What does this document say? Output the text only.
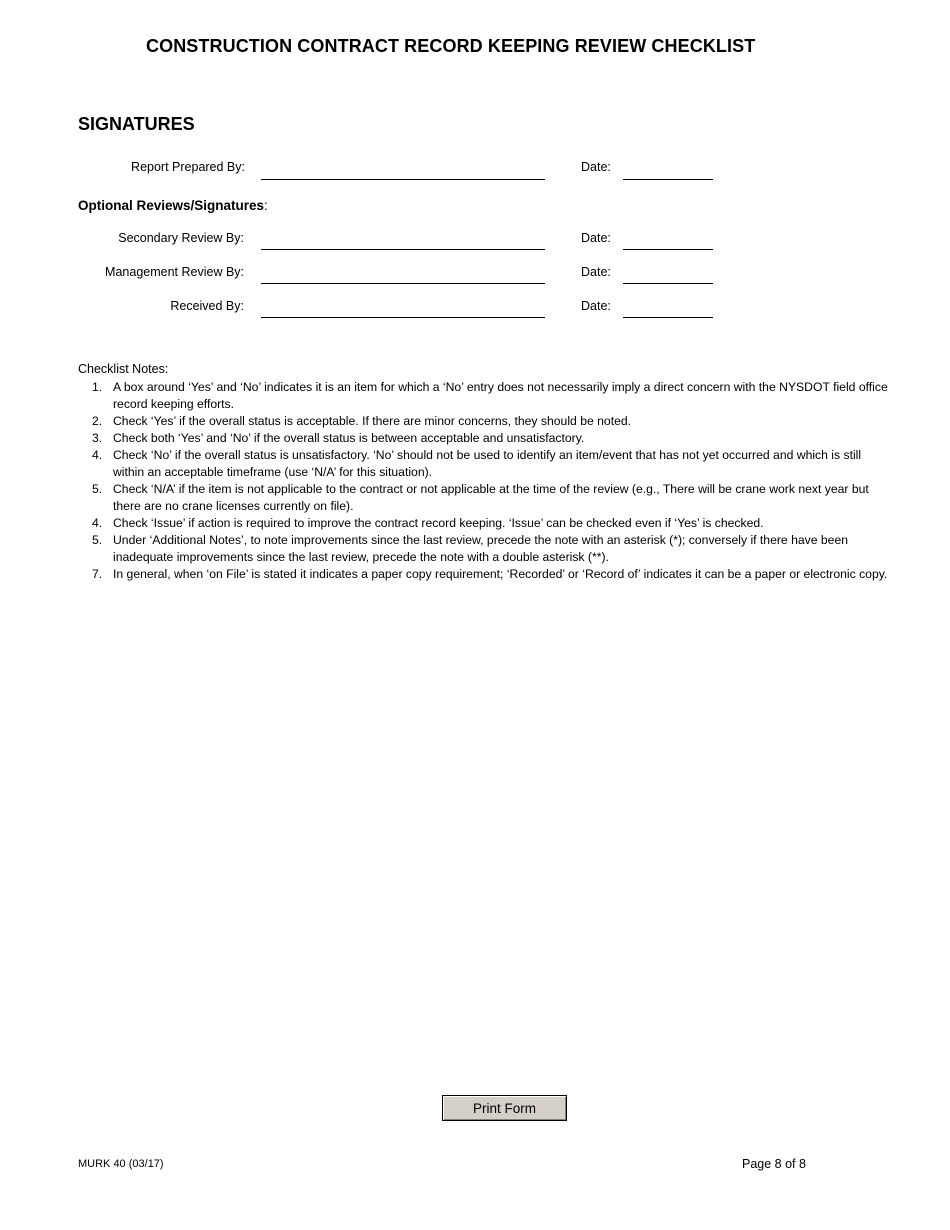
CONSTRUCTION CONTRACT RECORD KEEPING REVIEW CHECKLIST
SIGNATURES
Report Prepared By:	Date:
Optional Reviews/Signatures:
Secondary Review By:	Date:
Management Review By:	Date:
Received By:	Date:
Checklist Notes:
1. A box around ‘Yes’ and ‘No’ indicates it is an item for which a ‘No’ entry does not necessarily imply a direct concern with the NYSDOT field office record keeping efforts.
2. Check ‘Yes’ if the overall status is acceptable. If there are minor concerns, they should be noted.
3. Check both ‘Yes’ and ‘No’ if the overall status is between acceptable and unsatisfactory.
4. Check ‘No’ if the overall status is unsatisfactory. ‘No’ should not be used to identify an item/event that has not yet occurred and which is still within an acceptable timeframe (use ‘N/A’ for this situation).
5. Check ‘N/A’ if the item is not applicable to the contract or not applicable at the time of the review (e.g., There will be crane work next year but there are no crane licenses currently on file).
4. Check ‘Issue’ if action is required to improve the contract record keeping. ‘Issue’ can be checked even if ‘Yes’ is checked.
5. Under ‘Additional Notes’, to note improvements since the last review, precede the note with an asterisk (*); conversely if there have been inadequate improvements since the last review, precede the note with a double asterisk (**).
7. In general, when ‘on File’ is stated it indicates a paper copy requirement; ‘Recorded’ or ‘Record of’ indicates it can be a paper or electronic copy.
Print Form
MURK 40 (03/17)	Page 8 of 8
